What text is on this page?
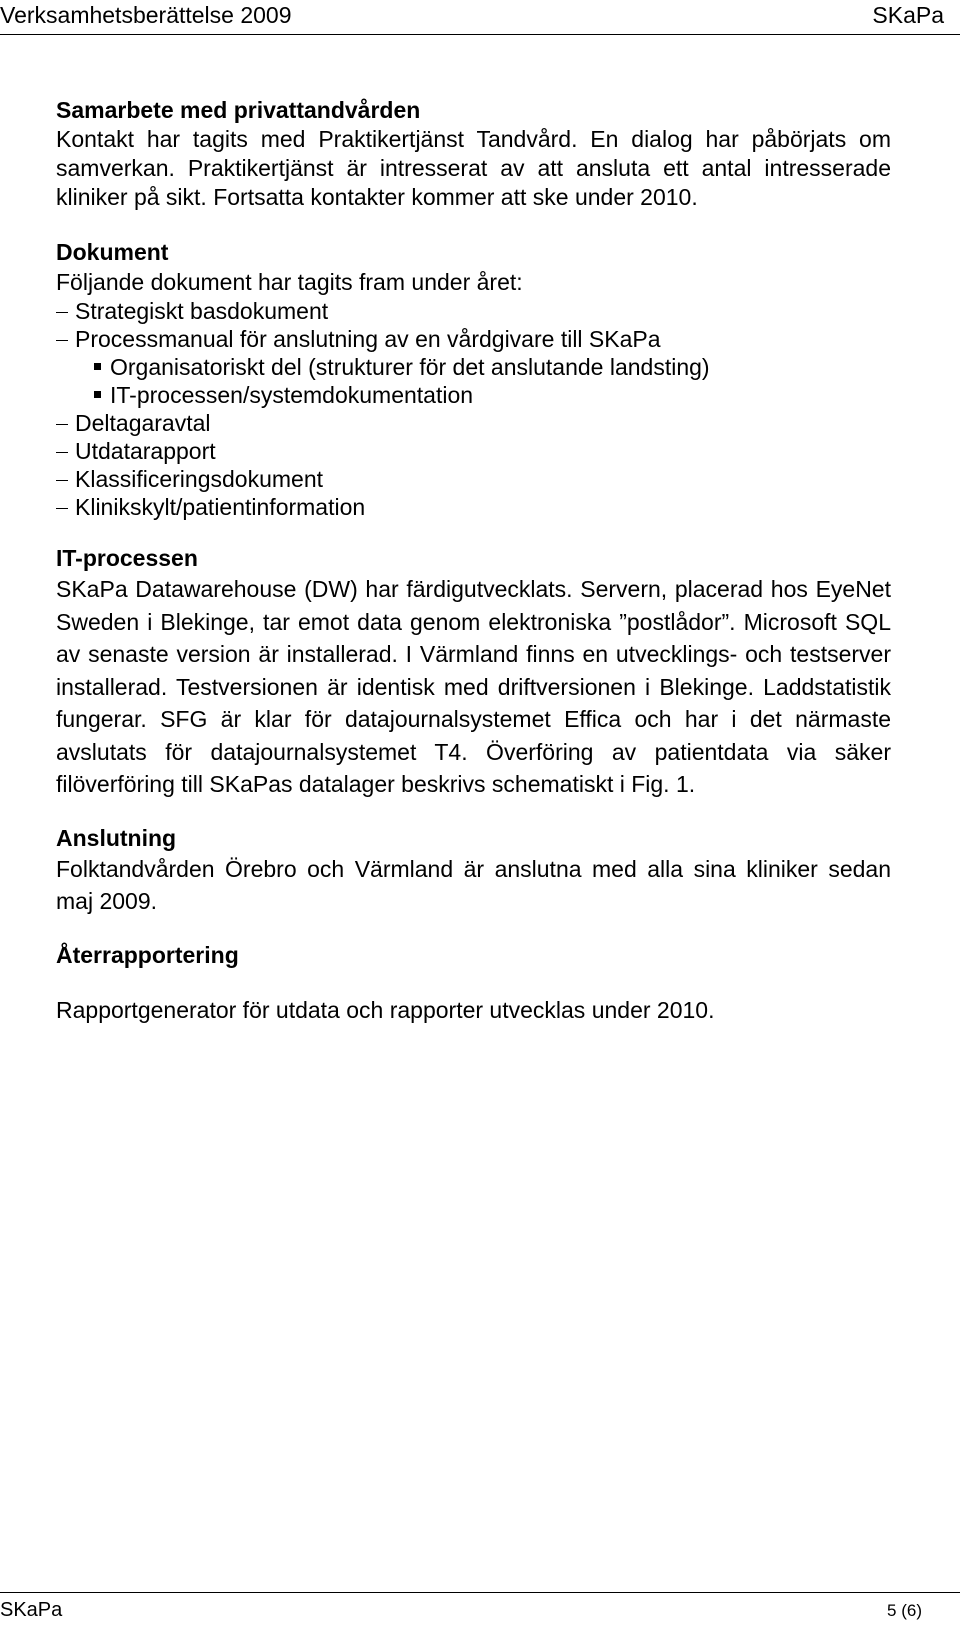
Verksamhetsberättelse 2009	SKaPa
Samarbete med privattandvården

Kontakt har tagits med Praktikertjänst Tandvård. En dialog har påbörjats om samverkan. Praktikertjänst är intresserat av att ansluta ett antal intresserade kliniker på sikt. Fortsatta kontakter kommer att ske under 2010.

Dokument

Följande dokument har tagits fram under året:

Strategiskt basdokument
Processmanual för anslutning av en vårdgivare till SKaPa
Organisatoriskt del (strukturer för det anslutande landsting)
IT-processen/systemdokumentation
Deltagaravtal
Utdatarapport
Klassificeringsdokument
Klinikskylt/patientinformation
IT-processen

SKaPa Datawarehouse (DW) har färdigutvecklats. Servern, placerad hos EyeNet Sweden i Blekinge, tar emot data genom elektroniska ”postlådor”. Microsoft SQL av senaste version är installerad. I Värmland finns en utvecklings- och testserver installerad. Testversionen är identisk med driftversionen i Blekinge. Laddstatistik fungerar. SFG är klar för datajournalsystemet Effica och har i det närmaste avslutats för datajournalsystemet T4. Överföring av patientdata via säker filöverföring till SKaPas datalager beskrivs schematiskt i Fig. 1.

Anslutning

Folktandvården Örebro och Värmland är anslutna med alla sina kliniker sedan maj 2009.

Återrapportering

Rapportgenerator för utdata och rapporter utvecklas under 2010.

SKaPa	5 (6)
